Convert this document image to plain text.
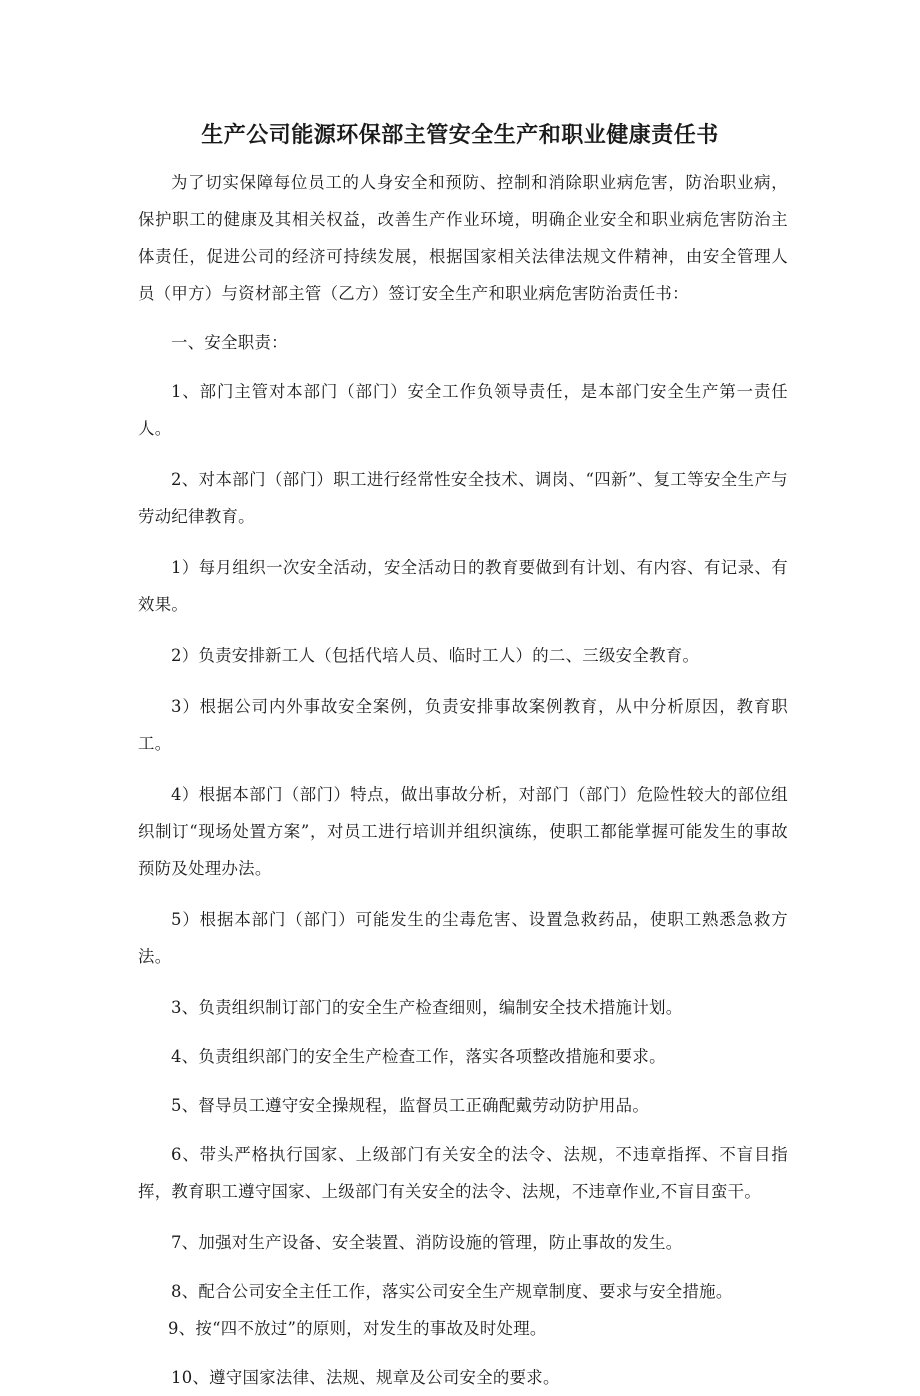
生产公司能源环保部主管安全生产和职业健康责任书

为了切实保障每位员工的人身安全和预防、控制和消除职业病危害，防治职业病，保护职工的健康及其相关权益，改善生产作业环境，明确企业安全和职业病危害防治主体责任，促进公司的经济可持续发展，根据国家相关法律法规文件精神，由安全管理人员（甲方）与资材部主管（乙方）签订安全生产和职业病危害防治责任书：

一、安全职责：

1、部门主管对本部门（部门）安全工作负领导责任，是本部门安全生产第一责任人。

2、对本部门（部门）职工进行经常性安全技术、调岗、“四新”、复工等安全生产与劳动纪律教育。

1）每月组织一次安全活动，安全活动日的教育要做到有计划、有内容、有记录、有效果。

2）负责安排新工人（包括代培人员、临时工人）的二、三级安全教育。

3）根据公司内外事故安全案例，负责安排事故案例教育，从中分析原因，教育职工。

4）根据本部门（部门）特点，做出事故分析，对部门（部门）危险性较大的部位组织制订“现场处置方案”，对员工进行培训并组织演练，使职工都能掌握可能发生的事故预防及处理办法。

5）根据本部门（部门）可能发生的尘毒危害、设置急救药品，使职工熟悉急救方法。

3、负责组织制订部门的安全生产检查细则，编制安全技术措施计划。

4、负责组织部门的安全生产检查工作，落实各项整改措施和要求。

5、督导员工遵守安全操规程，监督员工正确配戴劳动防护用品。

6、带头严格执行国家、上级部门有关安全的法令、法规，不违章指挥、不盲目指挥，教育职工遵守国家、上级部门有关安全的法令、法规，不违章作业,不盲目蛮干。

7、加强对生产设备、安全装置、消防设施的管理，防止事故的发生。

8、配合公司安全主任工作，落实公司安全生产规章制度、要求与安全措施。

9、按“四不放过”的原则，对发生的事故及时处理。

10、遵守国家法律、法规、规章及公司安全的要求。
